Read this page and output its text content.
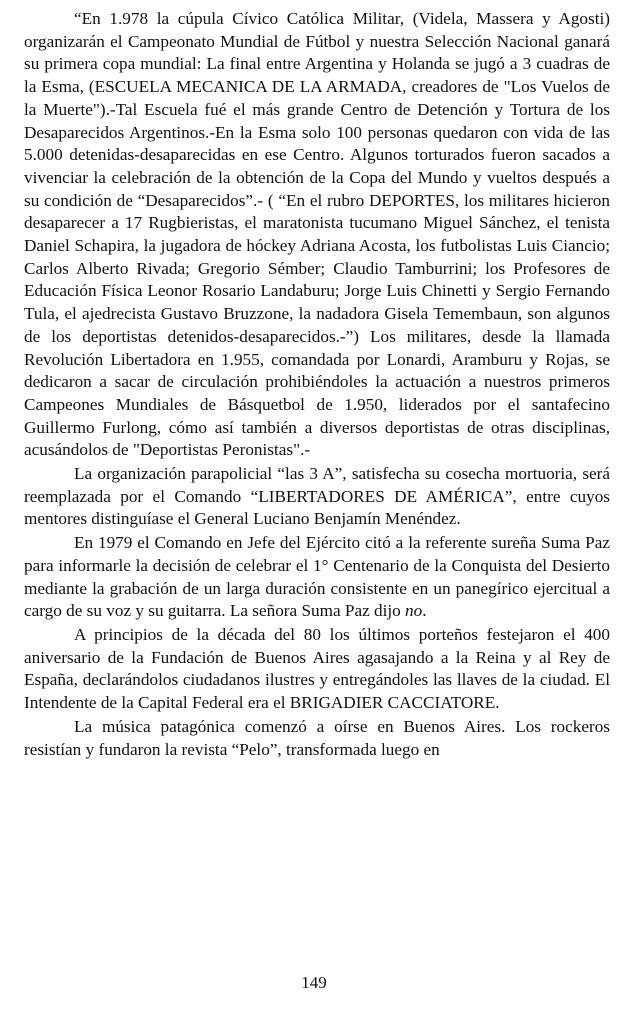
“En 1.978 la cúpula Cívico Católica Militar, (Videla, Massera y Agosti) organizarán el Campeonato Mundial de Fútbol y nuestra Selección Nacional ganará su primera copa mundial: La final entre Argentina y Holanda se jugó a 3 cuadras de la Esma, (ESCUELA MECANICA DE LA ARMADA, creadores de "Los Vuelos de la Muerte").-Tal Escuela fué el más grande Centro de Detención y Tortura de los Desaparecidos Argentinos.-En la Esma solo 100 personas quedaron con vida de las 5.000 detenidas-desaparecidas en ese Centro. Algunos torturados fueron sacados a vivenciar la celebración de la obtención de la Copa del Mundo y vueltos después a su condición de “Desaparecidos”.- ( “En el rubro DEPORTES, los militares hicieron desaparecer a 17 Rugbieristas, el maratonista tucumano Miguel Sánchez, el tenista Daniel Schapira, la jugadora de hóckey Adriana Acosta, los futbolistas Luis Ciancio; Carlos Alberto Rivada; Gregorio Sémber; Claudio Tamburrini; los Profesores de Educación Física Leonor Rosario Landaburu; Jorge Luis Chinetti y Sergio Fernando Tula, el ajedrecista Gustavo Bruzzone, la nadadora Gisela Temembaun, son algunos de los deportistas detenidos-desaparecidos.-”) Los militares, desde la llamada Revolución Libertadora en 1.955, comandada por Lonardi, Aramburu y Rojas, se dedicaron a sacar de circulación prohibiéndoles la actuación a nuestros primeros Campeones Mundiales de Básquetbol de 1.950, liderados por el santafecino Guillermo Furlong, cómo así también a diversos deportistas de otras disciplinas, acusándolos de "Deportistas Peronistas".-

La organización parapolicial “las 3 A”, satisfecha su cosecha mortuoria, será reemplazada por el Comando “LIBERTADORES DE AMÉRICA”, entre cuyos mentores distinguíase el General Luciano Benjamín Menéndez.

En 1979 el Comando en Jefe del Ejército citó a la referente sureña Suma Paz para informarle la decisión de celebrar el 1° Centenario de la Conquista del Desierto mediante la grabación de un larga duración consistente en un panegírico ejercitual a cargo de su voz y su guitarra. La señora Suma Paz dijo no.

A principios de la década del 80 los últimos porteños festejaron el 400 aniversario de la Fundación de Buenos Aires agasajando a la Reina y al Rey de España, declarándolos ciudadanos ilustres y entregándoles las llaves de la ciudad. El Intendente de la Capital Federal era el BRIGADIER CACCIATORE.

La música patagónica comenzó a oírse en Buenos Aires. Los rockeros resistían y fundaron la revista “Pelo”, transformada luego en

149
